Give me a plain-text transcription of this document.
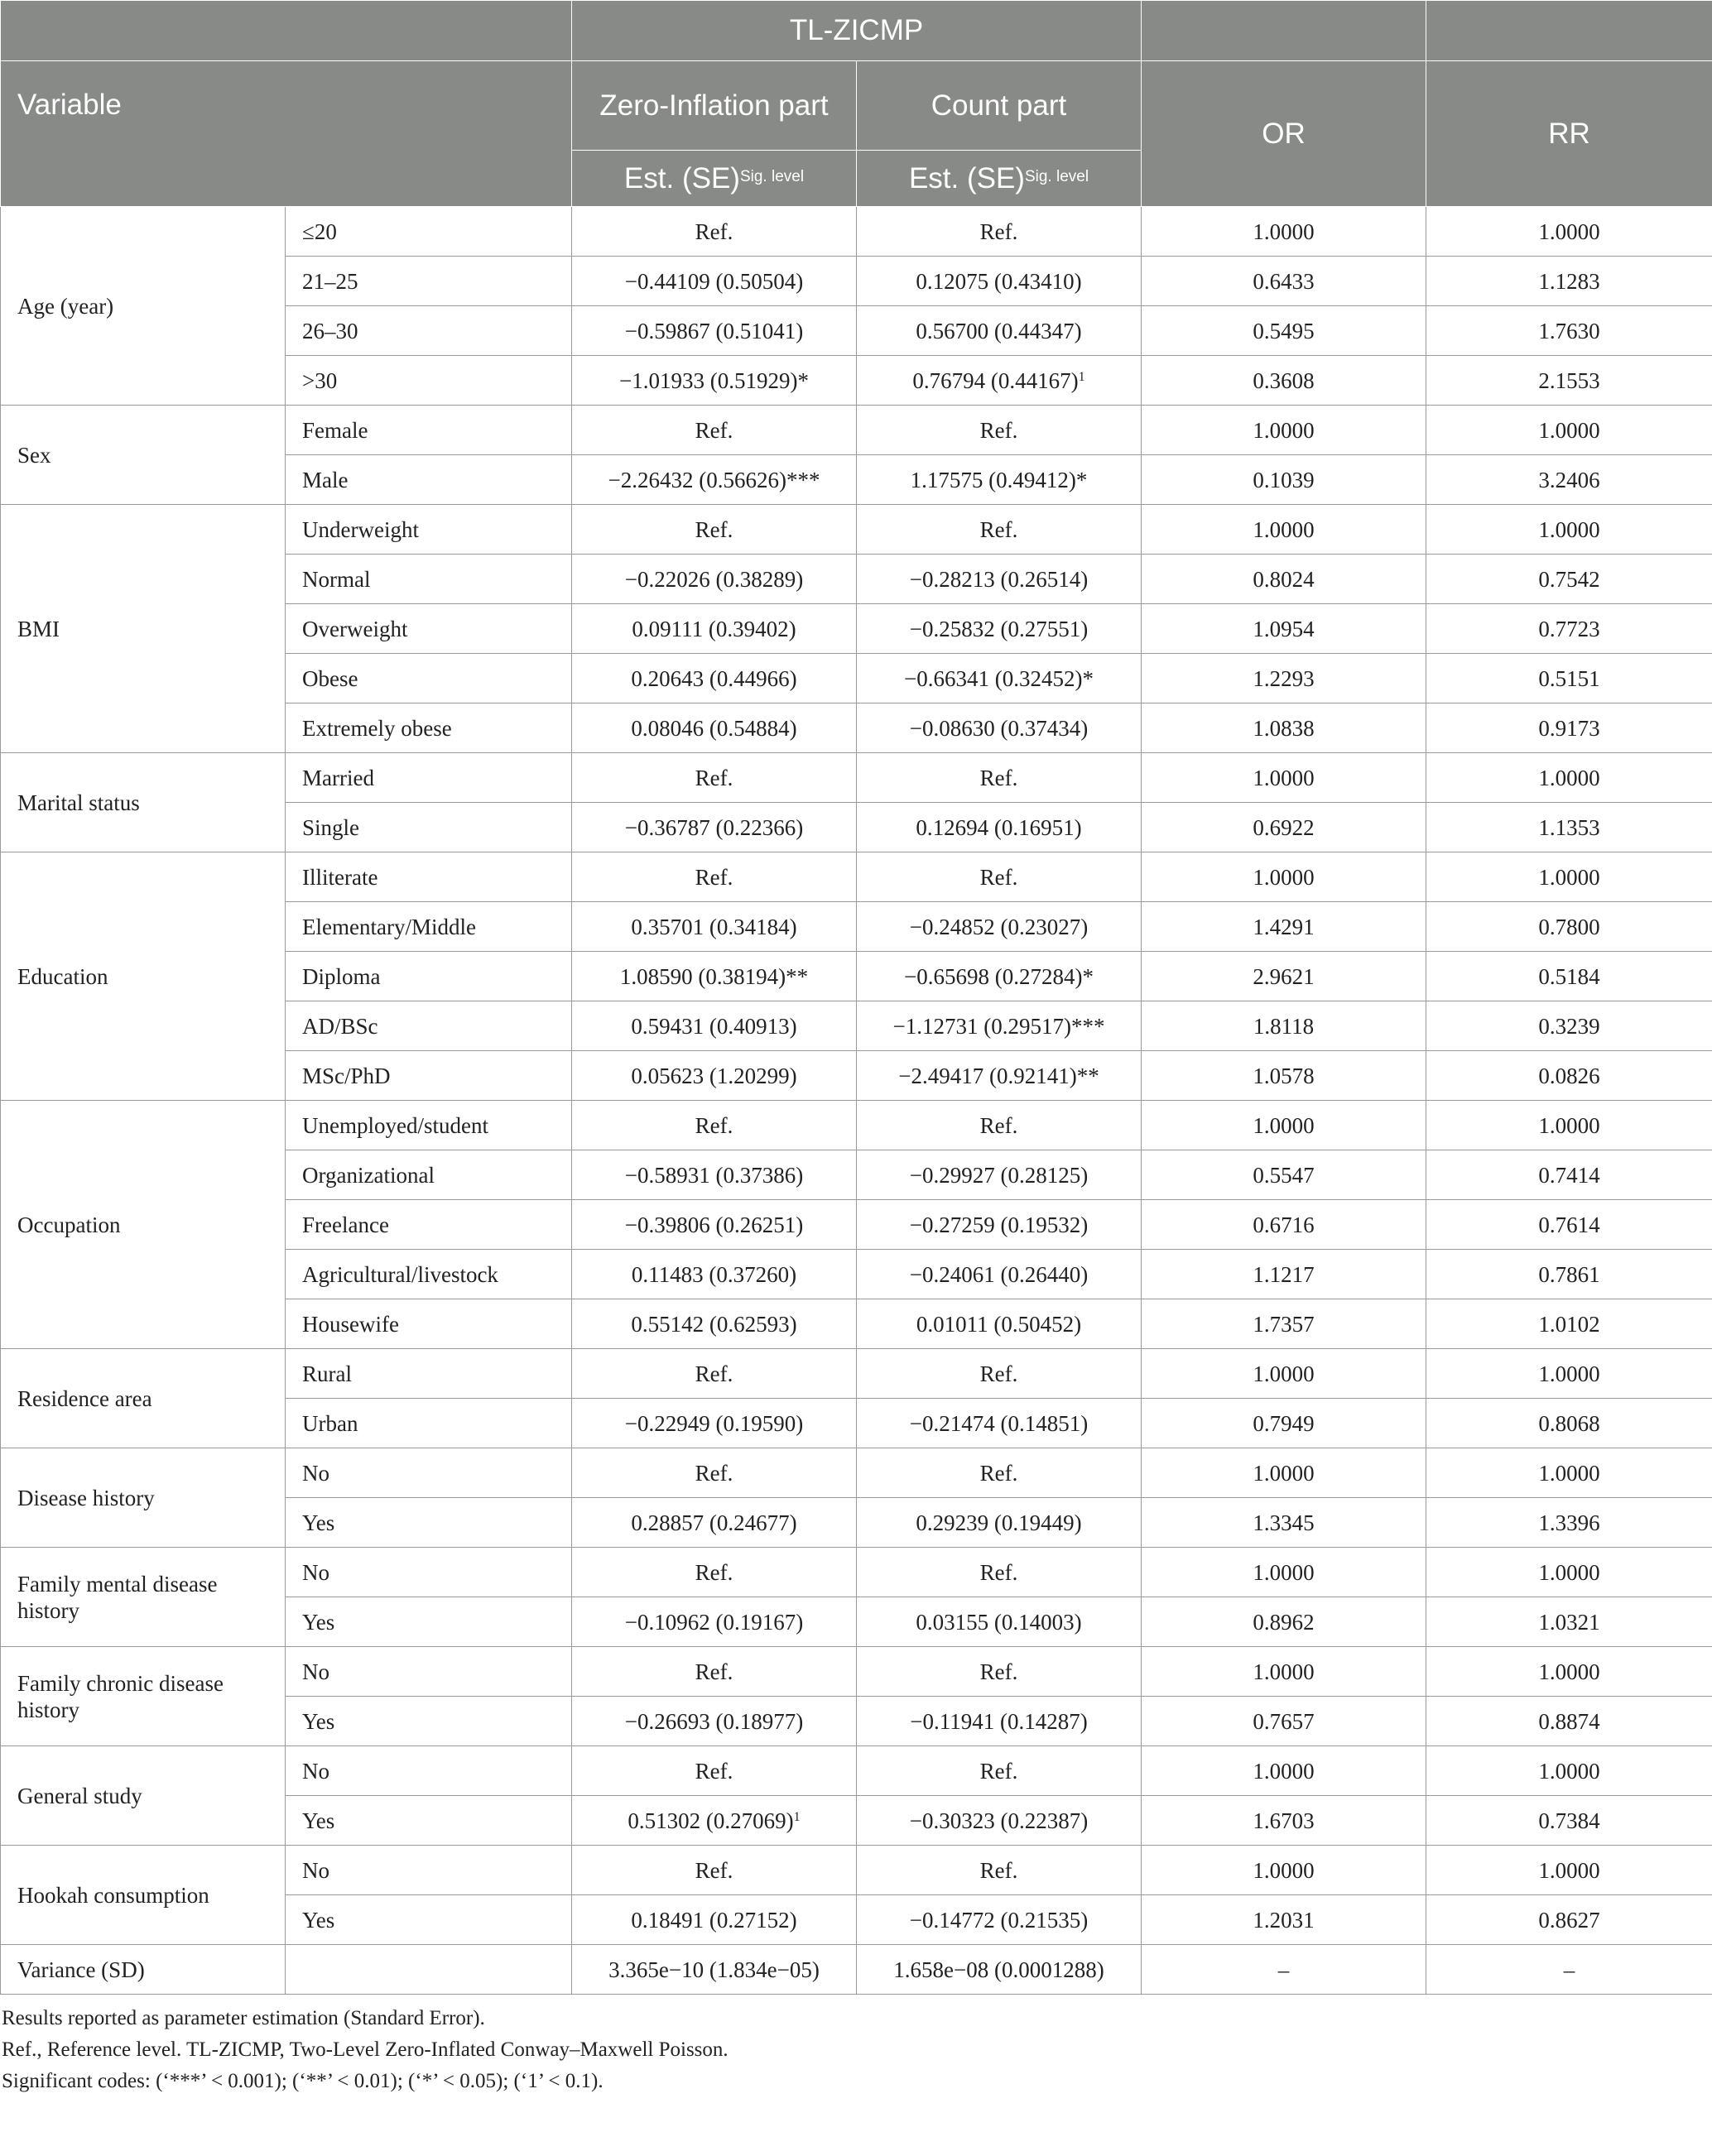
		TL-ZICMP			
Variable		Zero-Inflation part	Count part	OR	RR
		Est. (SE)$^{Sig. level}$	Est. (SE)$^{Sig. level}$
Age (year)	≤20	Ref.	Ref.	1.0000	1.0000
	21–25	−0.44109 (0.50504)	0.12075 (0.43410)	0.6433	1.1283
	26–30	−0.59867 (0.51041)	0.56700 (0.44347)	0.5495	1.7630
	>30	−1.01933 (0.51929)*	0.76794 $(0.44167)^1$	0.3608	2.1553
Sex	Female	Ref.	Ref.	1.0000	1.0000
	Male	−2.26432 (0.56626)***	1.17575 (0.49412)*	0.1039	3.2406
BMI	Underweight	Ref.	Ref.	1.0000	1.0000
	Normal	−0.22026 (0.38289)	−0.28213 (0.26514)	0.8024	0.7542
	Overweight	0.09111 (0.39402)	−0.25832 (0.27551)	1.0954	0.7723
	Obese	0.20643 (0.44966)	−0.66341 (0.32452)*	1.2293	0.5151
	Extremely obese	0.08046 (0.54884)	−0.08630 (0.37434)	1.0838	0.9173
Marital status	Married	Ref.	Ref.	1.0000	1.0000
	Single	−0.36787 (0.22366)	0.12694 (0.16951)	0.6922	1.1353
Education	Illiterate	Ref.	Ref.	1.0000	1.0000
	Elementary/Middle	0.35701 (0.34184)	−0.24852 (0.23027)	1.4291	0.7800
	Diploma	1.08590 (0.38194)**	−0.65698 (0.27284)*	2.9621	0.5184
	AD/BSc	0.59431 (0.40913)	−1.12731 (0.29517)***	1.8118	0.3239
	MSc/PhD	0.05623 (1.20299)	−2.49417 (0.92141)**	1.0578	0.0826
Occupation	Unemployed/student	Ref.	Ref.	1.0000	1.0000
	Organizational	−0.58931 (0.37386)	−0.29927 (0.28125)	0.5547	0.7414
	Freelance	−0.39806 (0.26251)	−0.27259 (0.19532)	0.6716	0.7614
	Agricultural/livestock	0.11483 (0.37260)	−0.24061 (0.26440)	1.1217	0.7861
	Housewife	0.55142 (0.62593)	0.01011 (0.50452)	1.7357	1.0102
Residence area	Rural	Ref.	Ref.	1.0000	1.0000
	Urban	−0.22949 (0.19590)	−0.21474 (0.14851)	0.7949	0.8068
Disease history	No	Ref.	Ref.	1.0000	1.0000
	Yes	0.28857 (0.24677)	0.29239 (0.19449)	1.3345	1.3396
Family mental disease history	No	Ref.	Ref.	1.0000	1.0000
	Yes	−0.10962 (0.19167)	0.03155 (0.14003)	0.8962	1.0321
Family chronic disease history	No	Ref.	Ref.	1.0000	1.0000
	Yes	−0.26693 (0.18977)	−0.11941 (0.14287)	0.7657	0.8874
General study	No	Ref.	Ref.	1.0000	1.0000
	Yes	0.51302 $(0.27069)^1$	−0.30323 (0.22387)	1.6703	0.7384
Hookah consumption	No	Ref.	Ref.	1.0000	1.0000
	Yes	0.18491 (0.27152)	−0.14772 (0.21535)	1.2031	0.8627
Variance (SD)		3.365e−10 (1.834e−05)	1.658e−08 (0.0001288)	–	–
Results reported as parameter estimation (Standard Error).
Ref., Reference level. TL-ZICMP, Two-Level Zero-Inflated Conway–Maxwell Poisson.
Significant codes: (‘***’ < 0.001); (‘**’ < 0.01); (‘*’ < 0.05); (‘1’ < 0.1).
